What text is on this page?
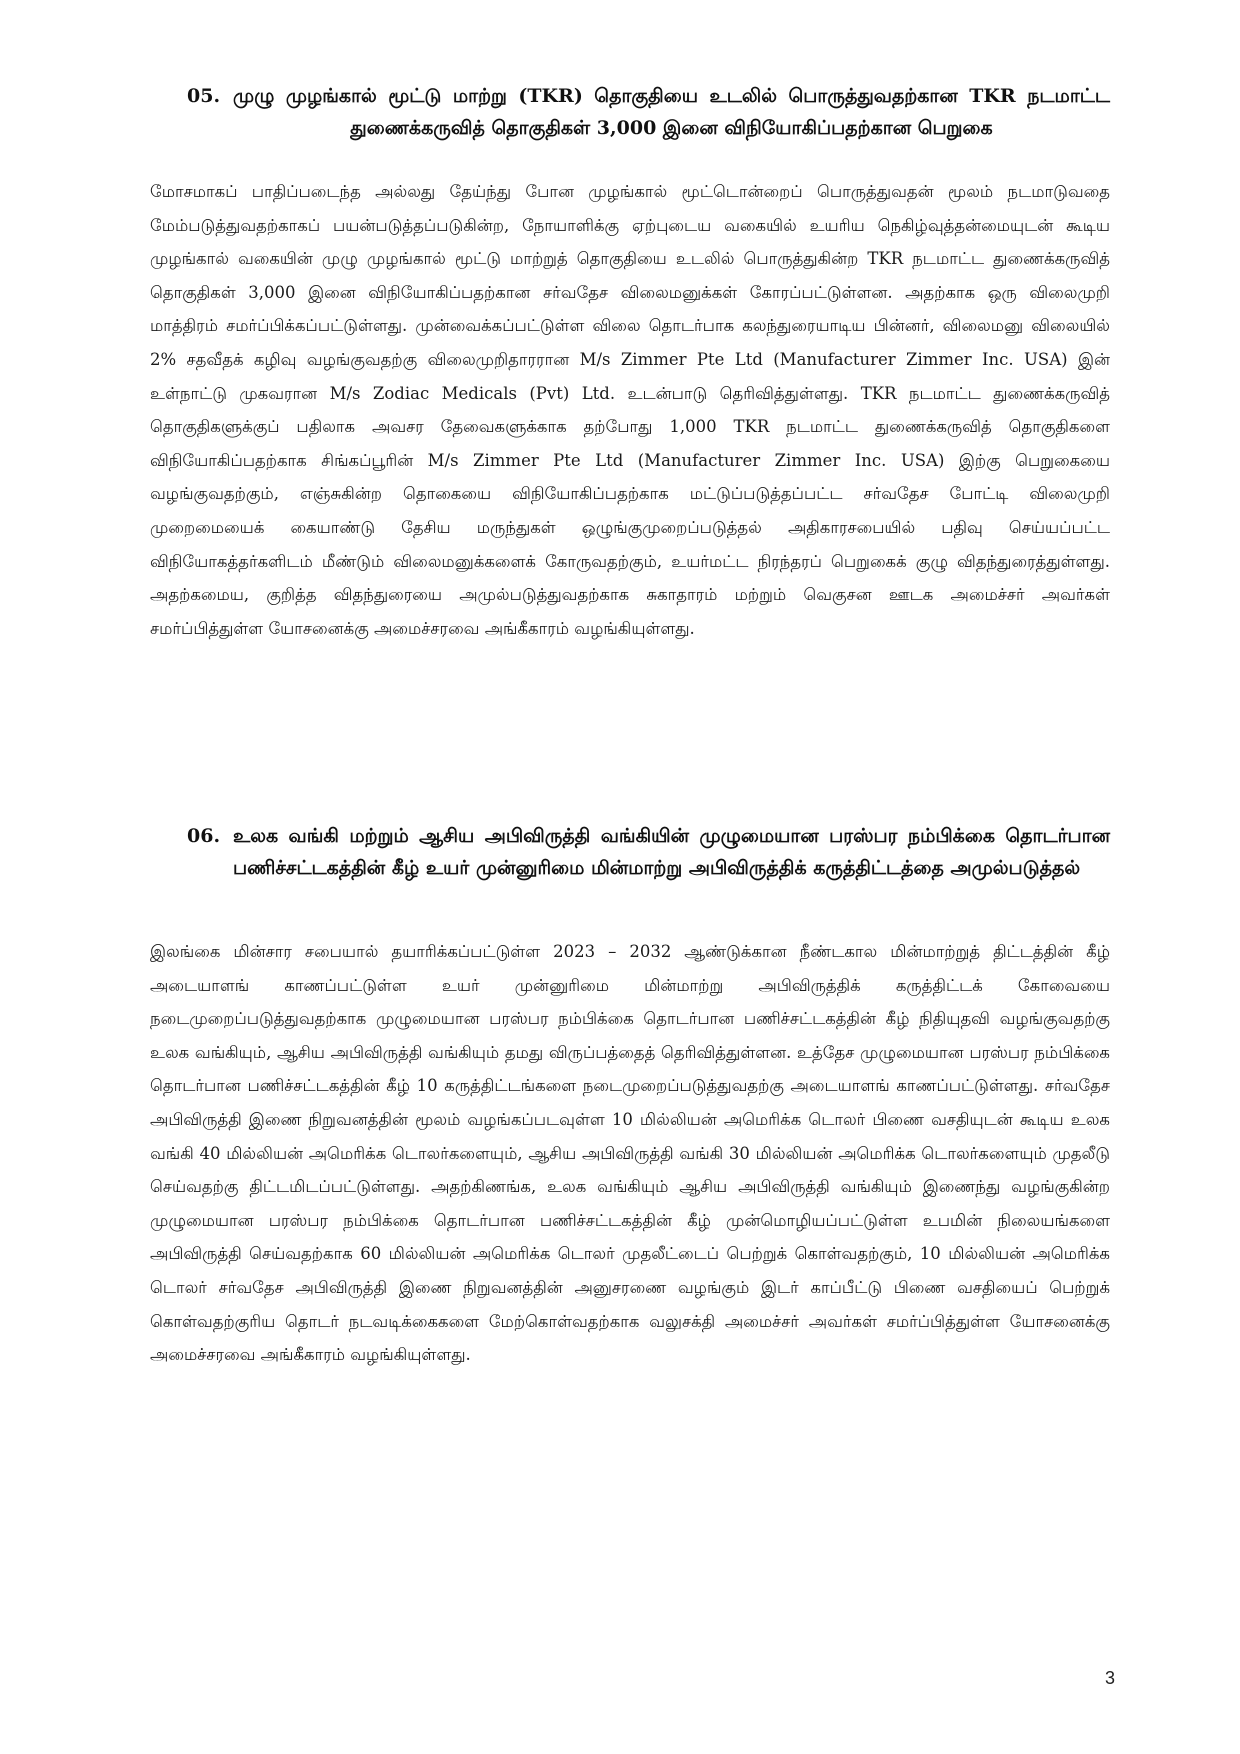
05. முழு முழங்கால் மூட்டு மாற்று (TKR) தொகுதியை உடலில் பொருத்துவதற்கான TKR நடமாட்ட துணைக்கருவித் தொகுதிகள் 3,000 இனை விநியோகிப்பதற்கான பெறுகை

மோசமாகப் பாதிப்படைந்த அல்லது தேய்ந்து போன முழங்கால் மூட்டொன்றைப் பொருத்துவதன் மூலம் நடமாடுவதை மேம்படுத்துவதற்காகப் பயன்படுத்தப்படுகின்ற, நோயாளிக்கு ஏற்புடைய வகையில் உயரிய நெகிழ்வுத்தன்மையுடன் கூடிய முழங்கால் வகையின் முழு முழங்கால் மூட்டு மாற்றுத் தொகுதியை உடலில் பொருத்துகின்ற TKR நடமாட்ட துணைக்கருவித் தொகுதிகள் 3,000 இனை விநியோகிப்பதற்கான சர்வதேச விலைமனுக்கள் கோரப்பட்டுள்ளன. அதற்காக ஒரு விலைமுறி மாத்திரம் சமர்ப்பிக்கப்பட்டுள்ளது. முன்வைக்கப்பட்டுள்ள விலை தொடர்பாக கலந்துரையாடிய பின்னர், விலைமனு விலையில் 2% சதவீதக் கழிவு வழங்குவதற்கு விலைமுறிதாரரான M/s Zimmer Pte Ltd (Manufacturer Zimmer Inc. USA) இன் உள்நாட்டு முகவரான M/s Zodiac Medicals (Pvt) Ltd. உடன்பாடு தெரிவித்துள்ளது. TKR நடமாட்ட துணைக்கருவித் தொகுதிகளுக்குப் பதிலாக அவசர தேவைகளுக்காக தற்போது 1,000 TKR நடமாட்ட துணைக்கருவித் தொகுதிகளை விநியோகிப்பதற்காக சிங்கப்பூரின் M/s Zimmer Pte Ltd (Manufacturer Zimmer Inc. USA) இற்கு பெறுகையை வழங்குவதற்கும், எஞ்சுகின்ற தொகையை விநியோகிப்பதற்காக மட்டுப்படுத்தப்பட்ட சர்வதேச போட்டி விலைமுறி முறைமையைக் கையாண்டு தேசிய மருந்துகள் ஒழுங்குமுறைப்படுத்தல் அதிகாரசபையில் பதிவு செய்யப்பட்ட விநியோகத்தர்களிடம் மீண்டும் விலைமனுக்களைக் கோருவதற்கும், உயர்மட்ட நிரந்தரப் பெறுகைக் குழு விதந்துரைத்துள்ளது. அதற்கமைய, குறித்த விதந்துரையை அமுல்படுத்துவதற்காக சுகாதாரம் மற்றும் வெகுசன ஊடக அமைச்சர் அவர்கள் சமர்ப்பித்துள்ள யோசனைக்கு அமைச்சரவை அங்கீகாரம் வழங்கியுள்ளது.

06. உலக வங்கி மற்றும் ஆசிய அபிவிருத்தி வங்கியின் முழுமையான பரஸ்பர நம்பிக்கை தொடர்பான பணிச்சட்டகத்தின் கீழ் உயர் முன்னுரிமை மின்மாற்று அபிவிருத்திக் கருத்திட்டத்தை அமுல்படுத்தல்

இலங்கை மின்சார சபையால் தயாரிக்கப்பட்டுள்ள 2023 – 2032 ஆண்டுக்கான நீண்டகால மின்மாற்றுத் திட்டத்தின் கீழ் அடையாளங் காணப்பட்டுள்ள உயர் முன்னுரிமை மின்மாற்று அபிவிருத்திக் கருத்திட்டக் கோவையை நடைமுறைப்படுத்துவதற்காக முழுமையான பரஸ்பர நம்பிக்கை தொடர்பான பணிச்சட்டகத்தின் கீழ் நிதியுதவி வழங்குவதற்கு உலக வங்கியும், ஆசிய அபிவிருத்தி வங்கியும் தமது விருப்பத்தைத் தெரிவித்துள்ளன. உத்தேச முழுமையான பரஸ்பர நம்பிக்கை தொடர்பான பணிச்சட்டகத்தின் கீழ் 10 கருத்திட்டங்களை நடைமுறைப்படுத்துவதற்கு அடையாளங் காணப்பட்டுள்ளது. சர்வதேச அபிவிருத்தி இணை நிறுவனத்தின் மூலம் வழங்கப்படவுள்ள 10 மில்லியன் அமெரிக்க டொலர் பிணை வசதியுடன் கூடிய உலக வங்கி 40 மில்லியன் அமெரிக்க டொலர்களையும், ஆசிய அபிவிருத்தி வங்கி 30 மில்லியன் அமெரிக்க டொலர்களையும் முதலீடு செய்வதற்கு திட்டமிடப்பட்டுள்ளது. அதற்கிணங்க, உலக வங்கியும் ஆசிய அபிவிருத்தி வங்கியும் இணைந்து வழங்குகின்ற முழுமையான பரஸ்பர நம்பிக்கை தொடர்பான பணிச்சட்டகத்தின் கீழ் முன்மொழியப்பட்டுள்ள உபமின் நிலையங்களை அபிவிருத்தி செய்வதற்காக 60 மில்லியன் அமெரிக்க டொலர் முதலீட்டைப் பெற்றுக் கொள்வதற்கும், 10 மில்லியன் அமெரிக்க டொலர் சர்வதேச அபிவிருத்தி இணை நிறுவனத்தின் அனுசரணை வழங்கும் இடர் காப்பீட்டு பிணை வசதியைப் பெற்றுக் கொள்வதற்குரிய தொடர் நடவடிக்கைகளை மேற்கொள்வதற்காக வலுசக்தி அமைச்சர் அவர்கள் சமர்ப்பித்துள்ள யோசனைக்கு அமைச்சரவை அங்கீகாரம் வழங்கியுள்ளது.

3
